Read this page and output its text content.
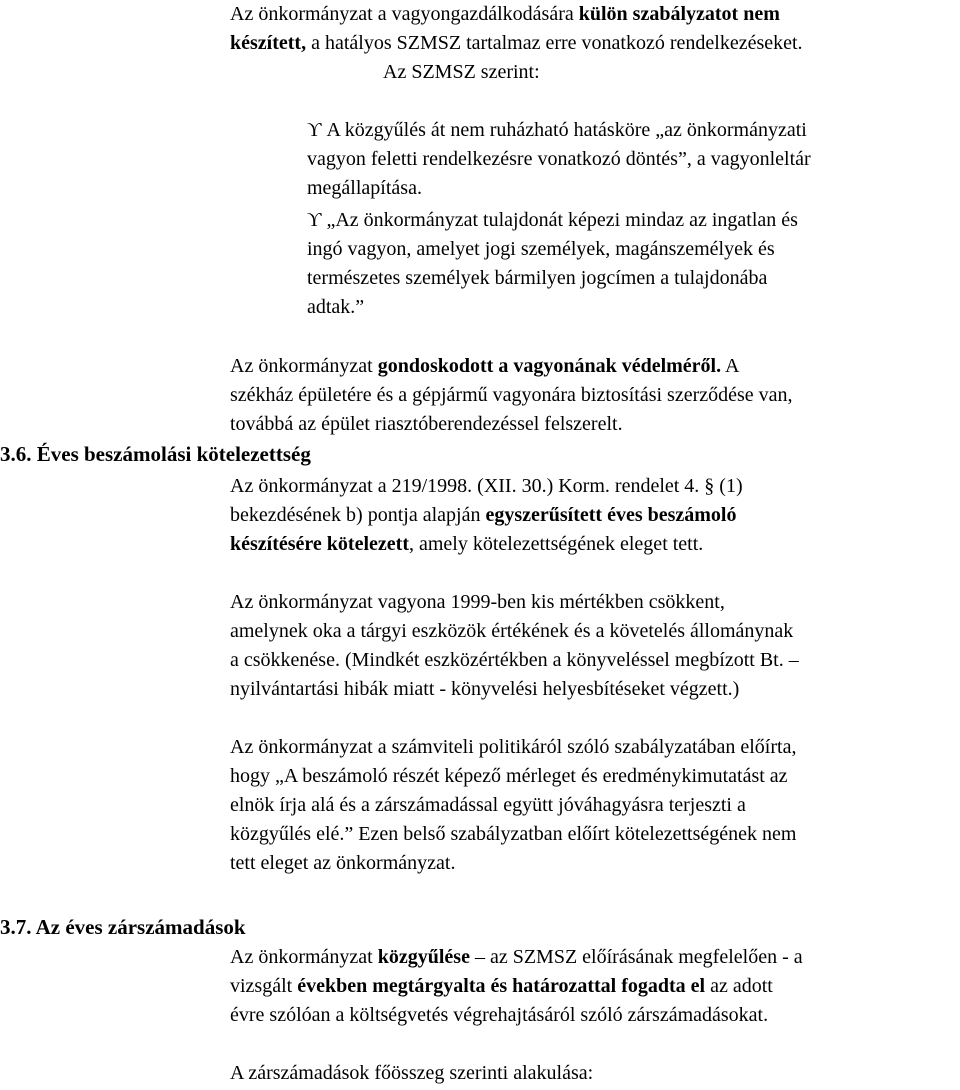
Az önkormányzat a vagyongazdálkodására külön szabályzatot nem

készített, a hatályos SZMSZ tartalmaz erre vonatkozó rendelkezéseket.

Az SZMSZ szerint:

ϒ A közgyűlés át nem ruházható hatásköre „az önkormányzati

vagyon feletti rendelkezésre vonatkozó döntés”, a vagyonleltár

megállapítása.

ϒ „Az önkormányzat tulajdonát képezi mindaz az ingatlan és

ingó vagyon, amelyet jogi személyek, magánszemélyek és

természetes személyek bármilyen jogcímen a tulajdonába

adtak.”

Az önkormányzat gondoskodott a vagyonának védelméről. A

székház épületére és a gépjármű vagyonára biztosítási szerződése van,

továbbá az épület riasztóberendezéssel felszerelt.

3.6. Éves beszámolási kötelezettség

Az önkormányzat a 219/1998. (XII. 30.) Korm. rendelet 4. § (1)

bekezdésének b) pontja alapján egyszerűsített éves beszámoló

készítésére kötelezett, amely kötelezettségének eleget tett.

Az önkormányzat vagyona 1999-ben kis mértékben csökkent,

amelynek oka a tárgyi eszközök értékének és a követelés állománynak

a csökkenése. (Mindkét eszközértékben a könyveléssel megbízott Bt. –

nyilvántartási hibák miatt - könyvelési helyesbítéseket végzett.)

Az önkormányzat a számviteli politikáról szóló szabályzatában előírta,

hogy „A beszámoló részét képező mérleget és eredménykimutatást az

elnök írja alá és a zárszámadással együtt jóváhagyásra terjeszti a

közgyűlés elé.” Ezen belső szabályzatban előírt kötelezettségének nem

tett eleget az önkormányzat.

3.7. Az éves zárszámadások

Az önkormányzat közgyűlése – az SZMSZ előírásának megfelelően - a

vizsgált években megtárgyalta és határozattal fogadta el az adott

évre szólóan a költségvetés végrehajtásáról szóló zárszámadásokat.

A zárszámadások főösszeg szerinti alakulása:
